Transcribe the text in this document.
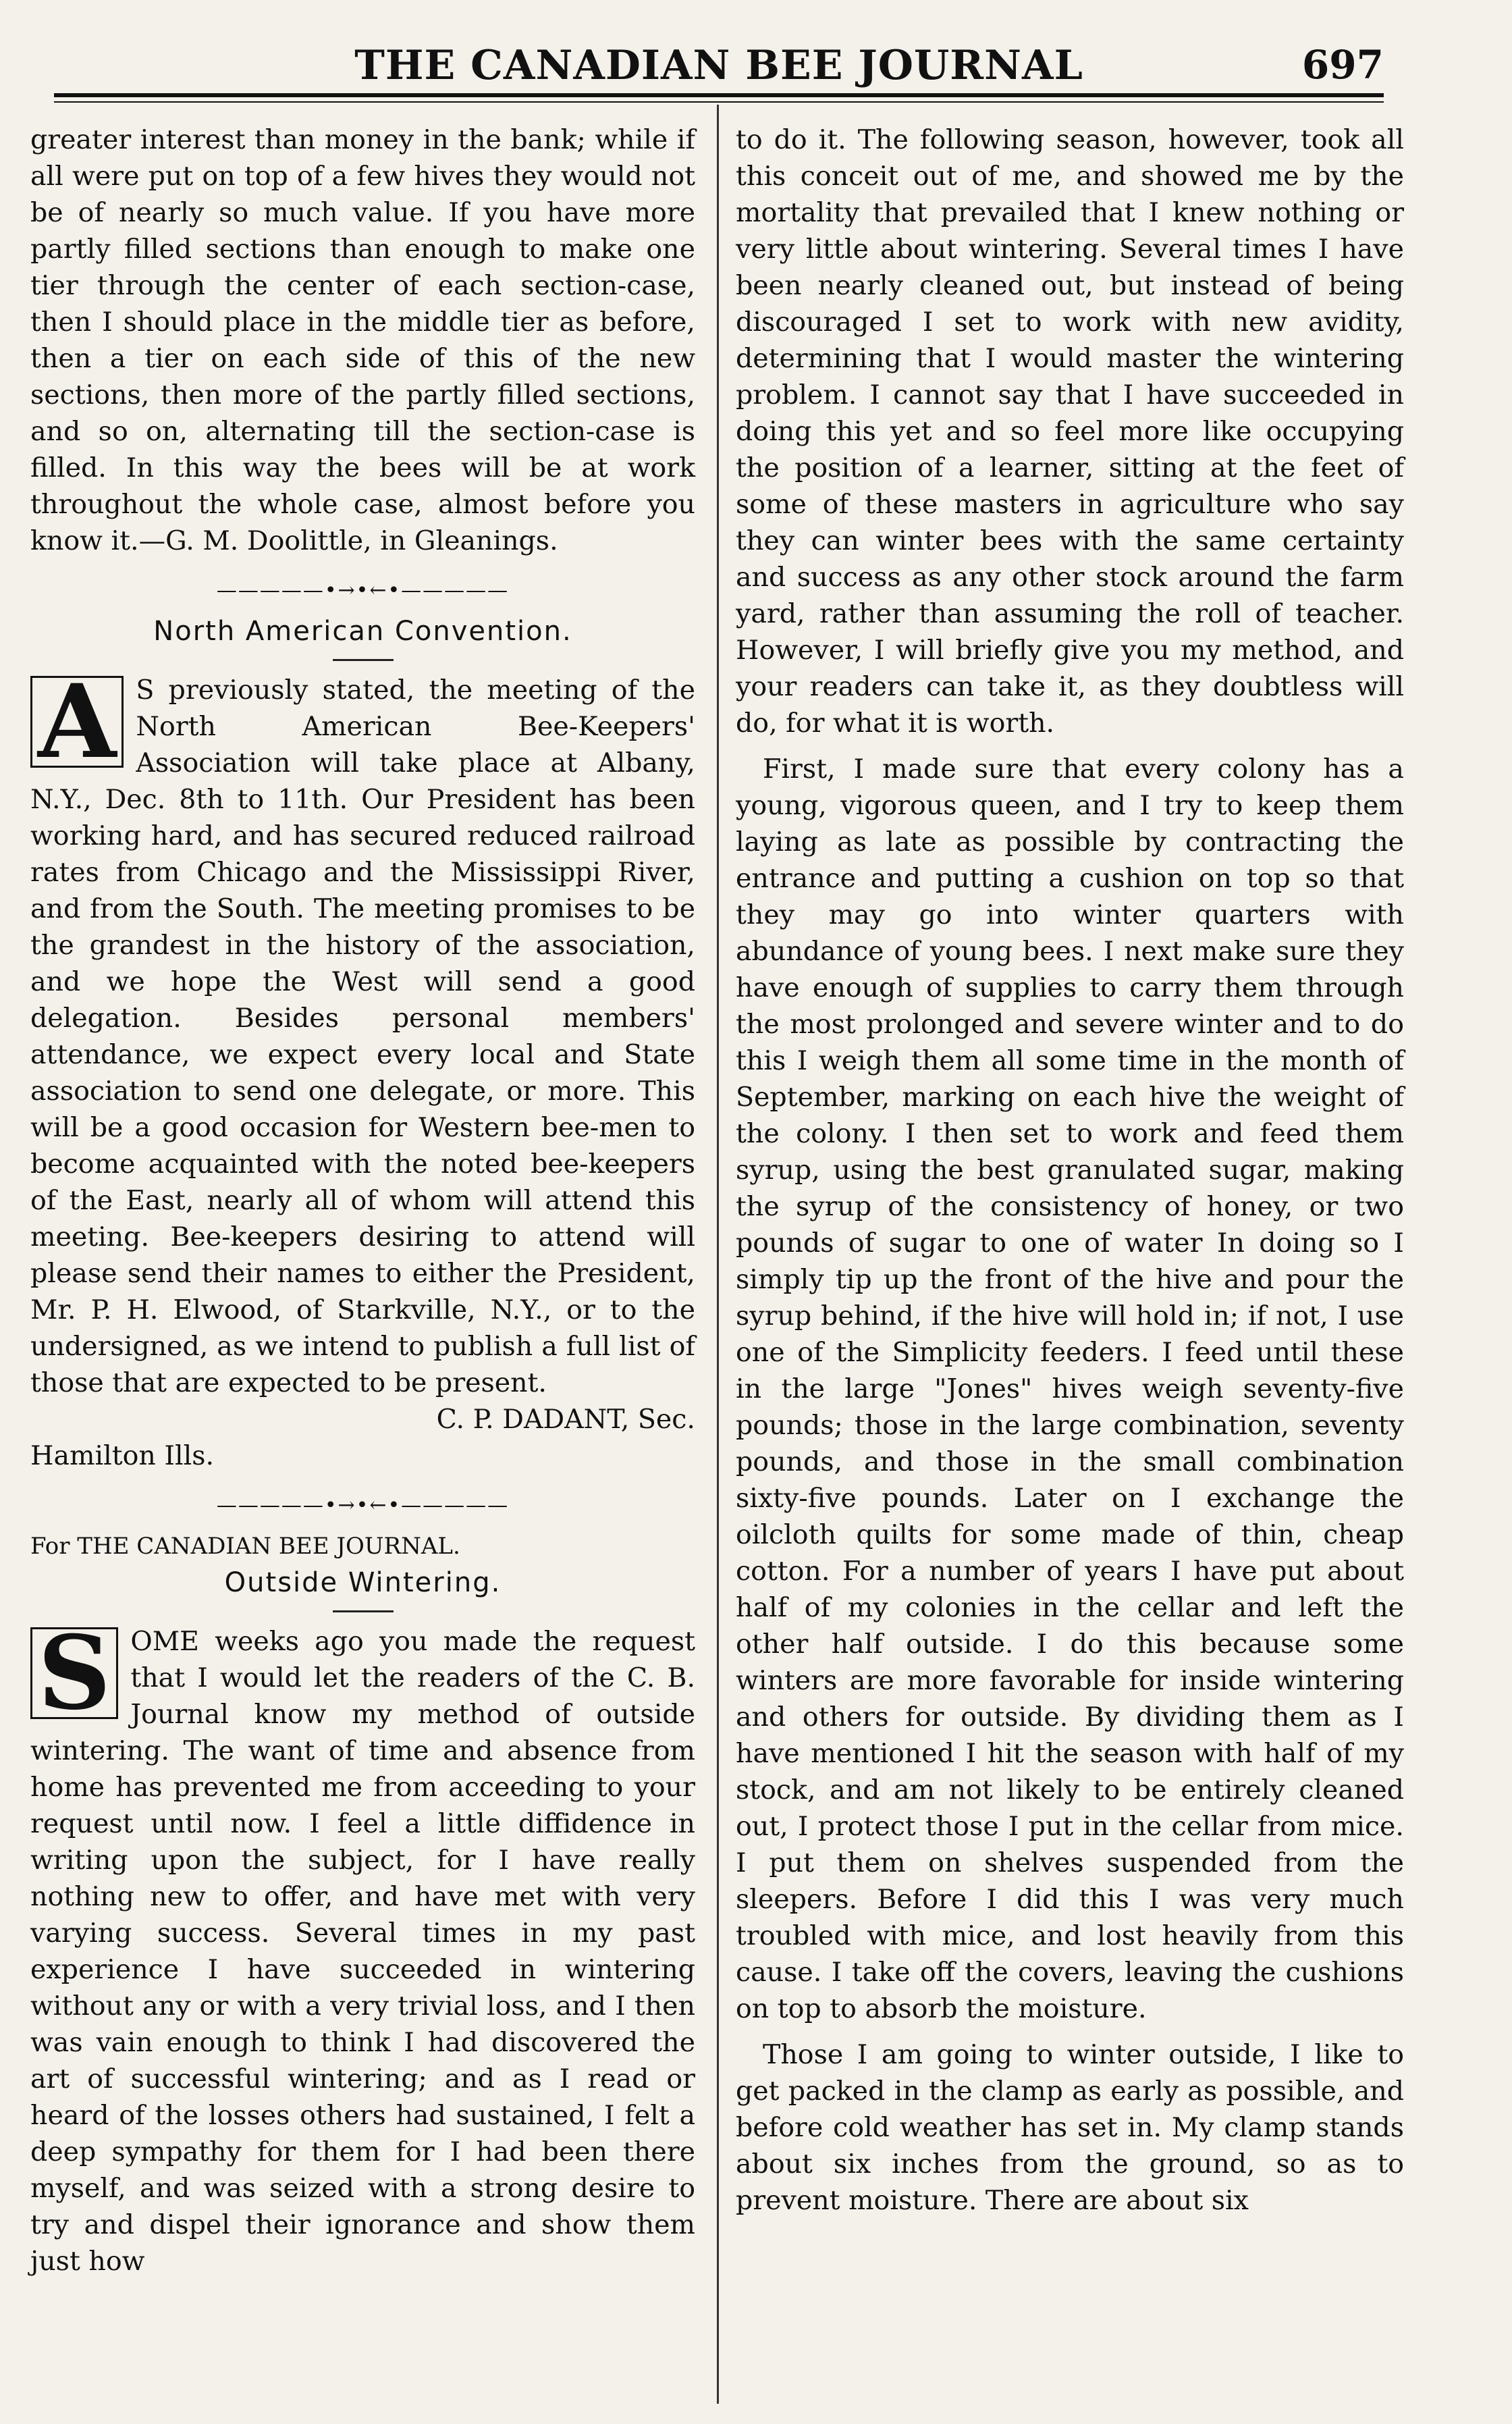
THE CANADIAN BEE JOURNAL	697

greater interest than money in the bank; while if all were put on top of a few hives they would not be of nearly so much value. If you have more partly filled sections than enough to make one tier through the center of each section-case, then I should place in the middle tier as before, then a tier on each side of this of the new sections, then more of the partly filled sections, and so on, alternating till the section-case is filled. In this way the bees will be at work throughout the whole case, almost before you know it.—G. M. Doolittle, in Gleanings.

—————•→•←•—————

North American Convention.

A S previously stated, the meeting of the North American Bee-Keepers' Association will take place at Albany, N.Y., Dec. 8th to 11th. Our President has been working hard, and has secured reduced railroad rates from Chicago and the Mississippi River, and from the South. The meeting promises to be the grandest in the history of the association, and we hope the West will send a good delegation. Besides personal members' attendance, we expect every local and State association to send one delegate, or more. This will be a good occasion for Western bee-men to become acquainted with the noted bee-keepers of the East, nearly all of whom will attend this meeting. Bee-keepers desiring to attend will please send their names to either the President, Mr. P. H. Elwood, of Starkville, N.Y., or to the undersigned, as we intend to publish a full list of those that are expected to be present.

C. P. DADANT, Sec.

Hamilton Ills.

—————•→•←•—————

For THE CANADIAN BEE JOURNAL.

Outside Wintering.

S OME weeks ago you made the request that I would let the readers of the C. B. Journal know my method of outside wintering. The want of time and absence from home has prevented me from acceeding to your request until now. I feel a little diffidence in writing upon the subject, for I have really nothing new to offer, and have met with very varying success. Several times in my past experience I have succeeded in wintering without any or with a very trivial loss, and I then was vain enough to think I had discovered the art of successful wintering; and as I read or heard of the losses others had sustained, I felt a deep sympathy for them for I had been there myself, and was seized with a strong desire to try and dispel their ignorance and show them just how

to do it. The following season, however, took all this conceit out of me, and showed me by the mortality that prevailed that I knew nothing or very little about wintering. Several times I have been nearly cleaned out, but instead of being discouraged I set to work with new avidity, determining that I would master the wintering problem. I cannot say that I have succeeded in doing this yet and so feel more like occupying the position of a learner, sitting at the feet of some of these masters in agriculture who say they can winter bees with the same certainty and success as any other stock around the farm yard, rather than assuming the roll of teacher. However, I will briefly give you my method, and your readers can take it, as they doubtless will do, for what it is worth.

First, I made sure that every colony has a young, vigorous queen, and I try to keep them laying as late as possible by contracting the entrance and putting a cushion on top so that they may go into winter quarters with abundance of young bees. I next make sure they have enough of supplies to carry them through the most prolonged and severe winter and to do this I weigh them all some time in the month of September, marking on each hive the weight of the colony. I then set to work and feed them syrup, using the best granulated sugar, making the syrup of the consistency of honey, or two pounds of sugar to one of water In doing so I simply tip up the front of the hive and pour the syrup behind, if the hive will hold in; if not, I use one of the Simplicity feeders. I feed until these in the large "Jones" hives weigh seventy-five pounds; those in the large combination, seventy pounds, and those in the small combination sixty-five pounds. Later on I exchange the oilcloth quilts for some made of thin, cheap cotton. For a number of years I have put about half of my colonies in the cellar and left the other half outside. I do this because some winters are more favorable for inside wintering and others for outside. By dividing them as I have mentioned I hit the season with half of my stock, and am not likely to be entirely cleaned out, I protect those I put in the cellar from mice. I put them on shelves suspended from the sleepers. Before I did this I was very much troubled with mice, and lost heavily from this cause. I take off the covers, leaving the cushions on top to absorb the moisture.

Those I am going to winter outside, I like to get packed in the clamp as early as possible, and before cold weather has set in. My clamp stands about six inches from the ground, so as to prevent moisture. There are about six
